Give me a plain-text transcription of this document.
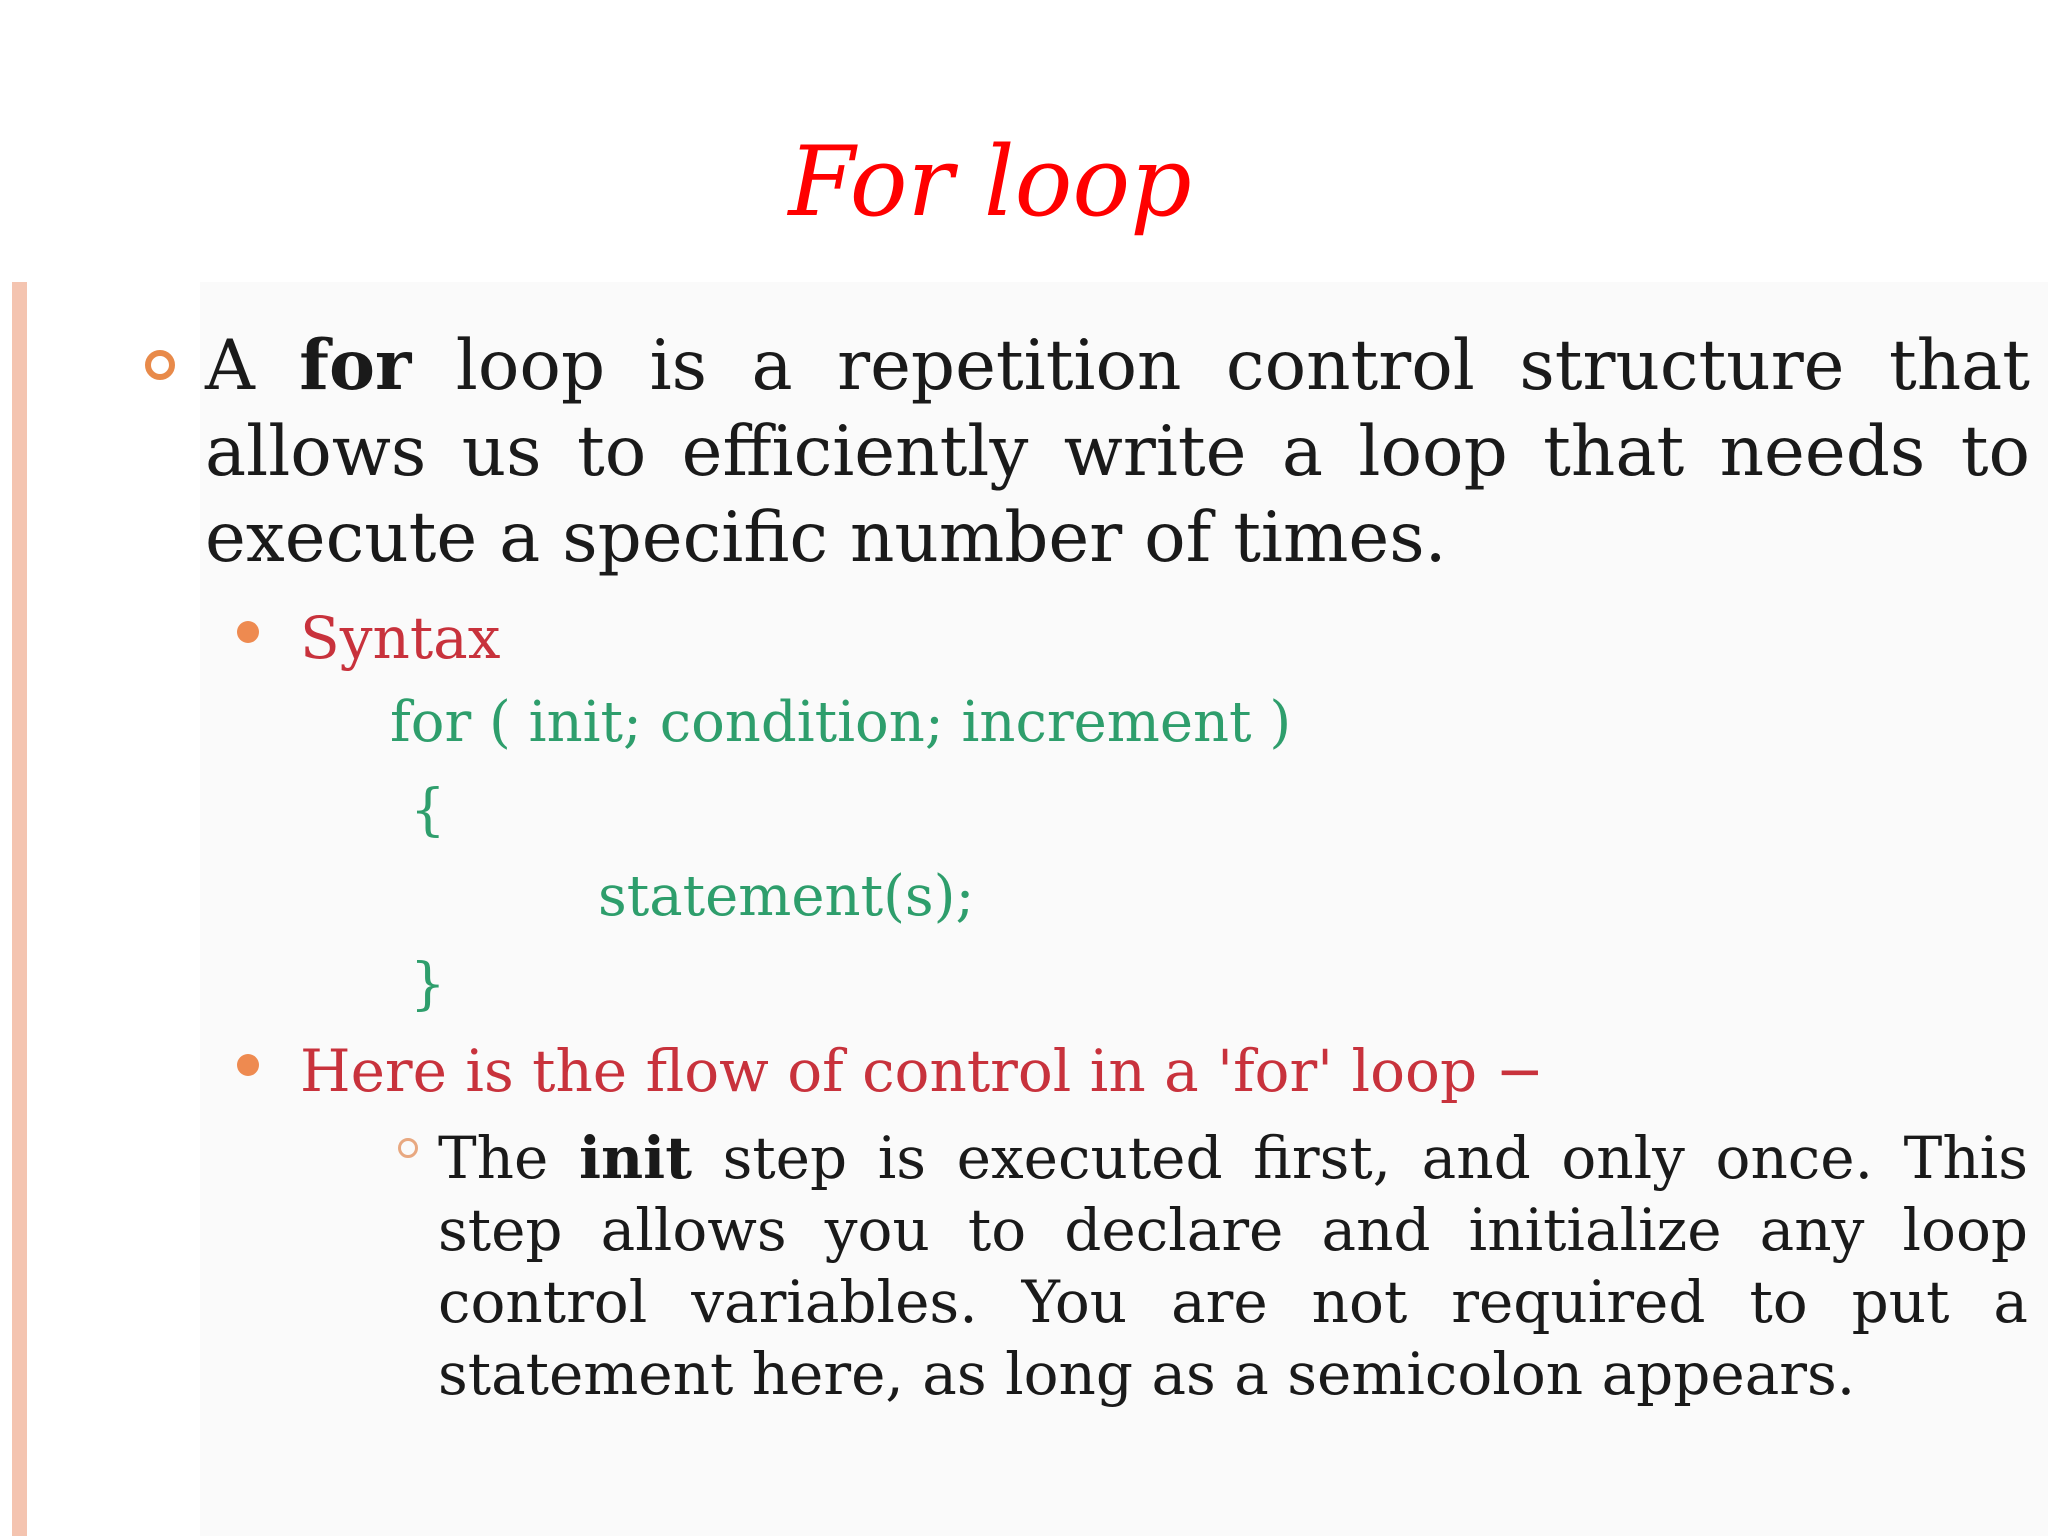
For loop
A for loop is a repetition control structure that allows us to efficiently write a loop that needs to execute a specific number of times.
Syntax
for ( init; condition; increment )
{
statement(s);
}
Here is the flow of control in a 'for' loop −
The init step is executed first, and only once. This step allows you to declare and initialize any loop control variables. You are not required to put a statement here, as long as a semicolon appears.
